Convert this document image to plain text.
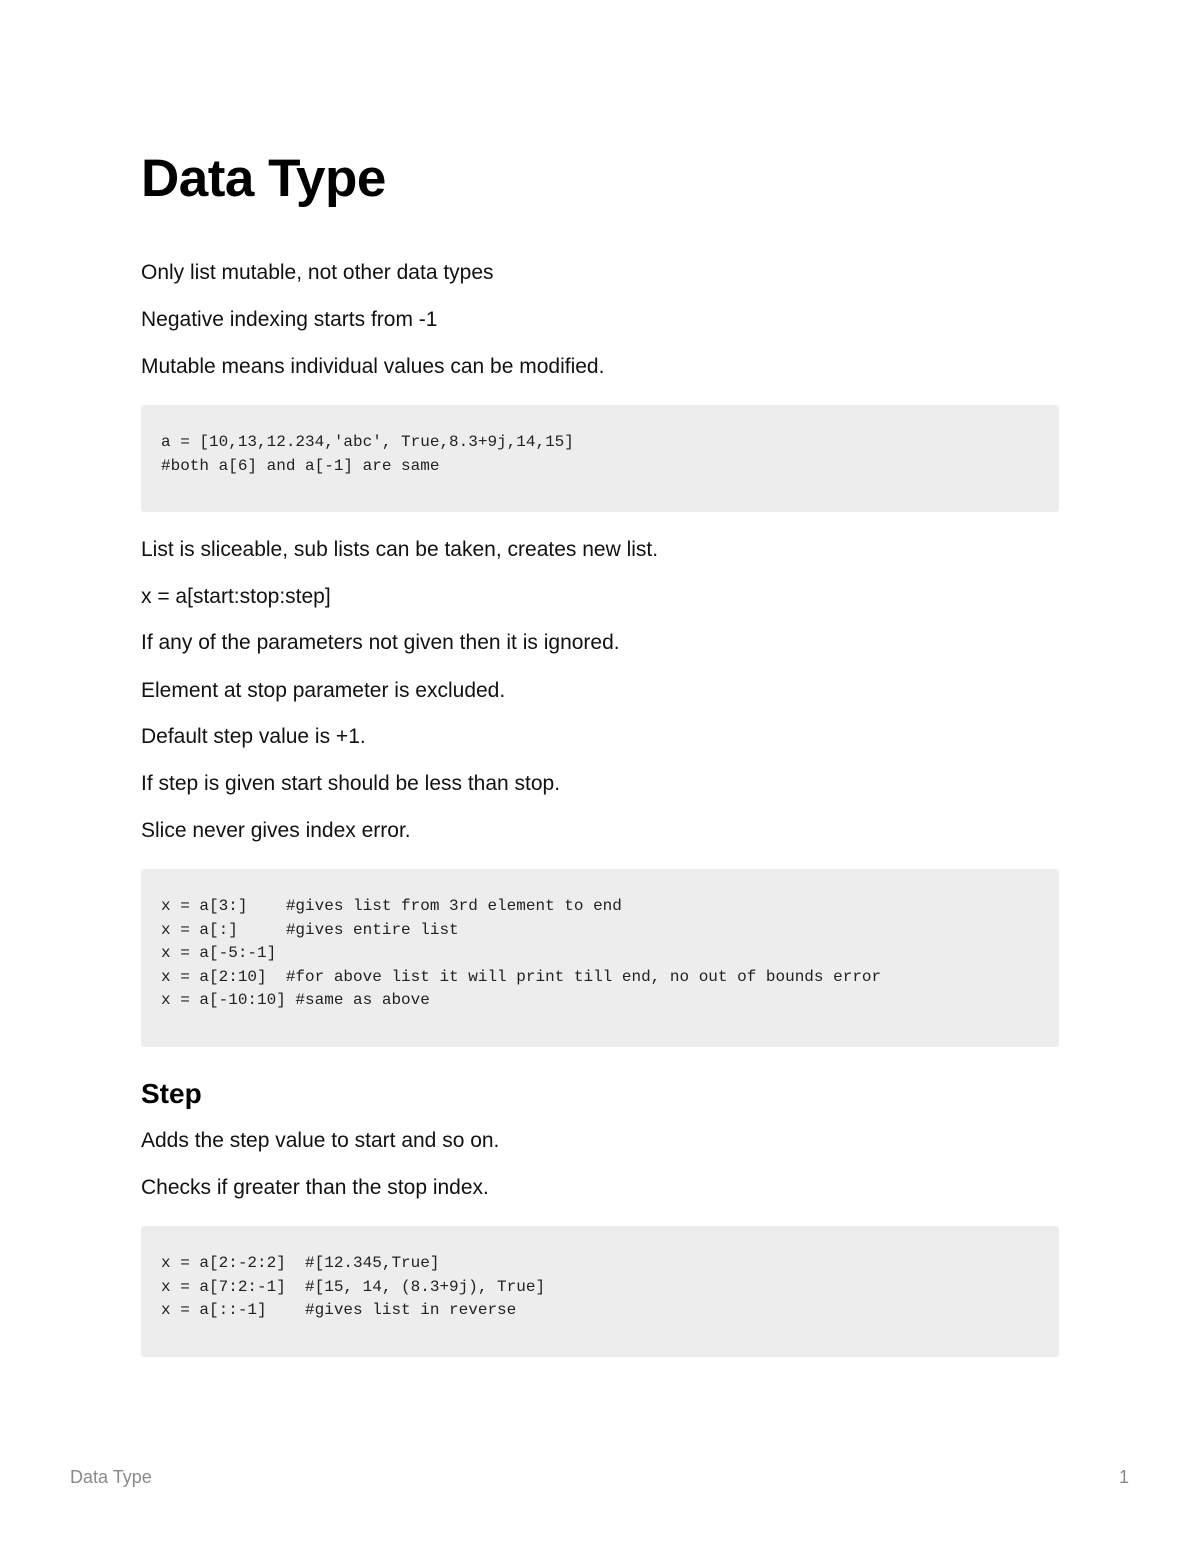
Data Type

Only list mutable, not other data types

Negative indexing starts from -1

Mutable means individual values can be modified.

a = [10,13,12.234,'abc', True,8.3+9j,14,15]
#both a[6] and a[-1] are same

List is sliceable, sub lists can be taken, creates new list.

x = a[start:stop:step]

If any of the parameters not given then it is ignored.

Element at stop parameter is excluded.

Default step value is +1.

If step is given start should be less than stop.

Slice never gives index error.

x = a[3:]    #gives list from 3rd element to end
x = a[:]     #gives entire list
x = a[-5:-1]
x = a[2:10]  #for above list it will print till end, no out of bounds error
x = a[-10:10] #same as above
Step

Adds the step value to start and so on.

Checks if greater than the stop index.

x = a[2:-2:2]  #[12.345,True]
x = a[7:2:-1]  #[15, 14, (8.3+9j), True]
x = a[::-1]    #gives list in reverse
Data Type	1
